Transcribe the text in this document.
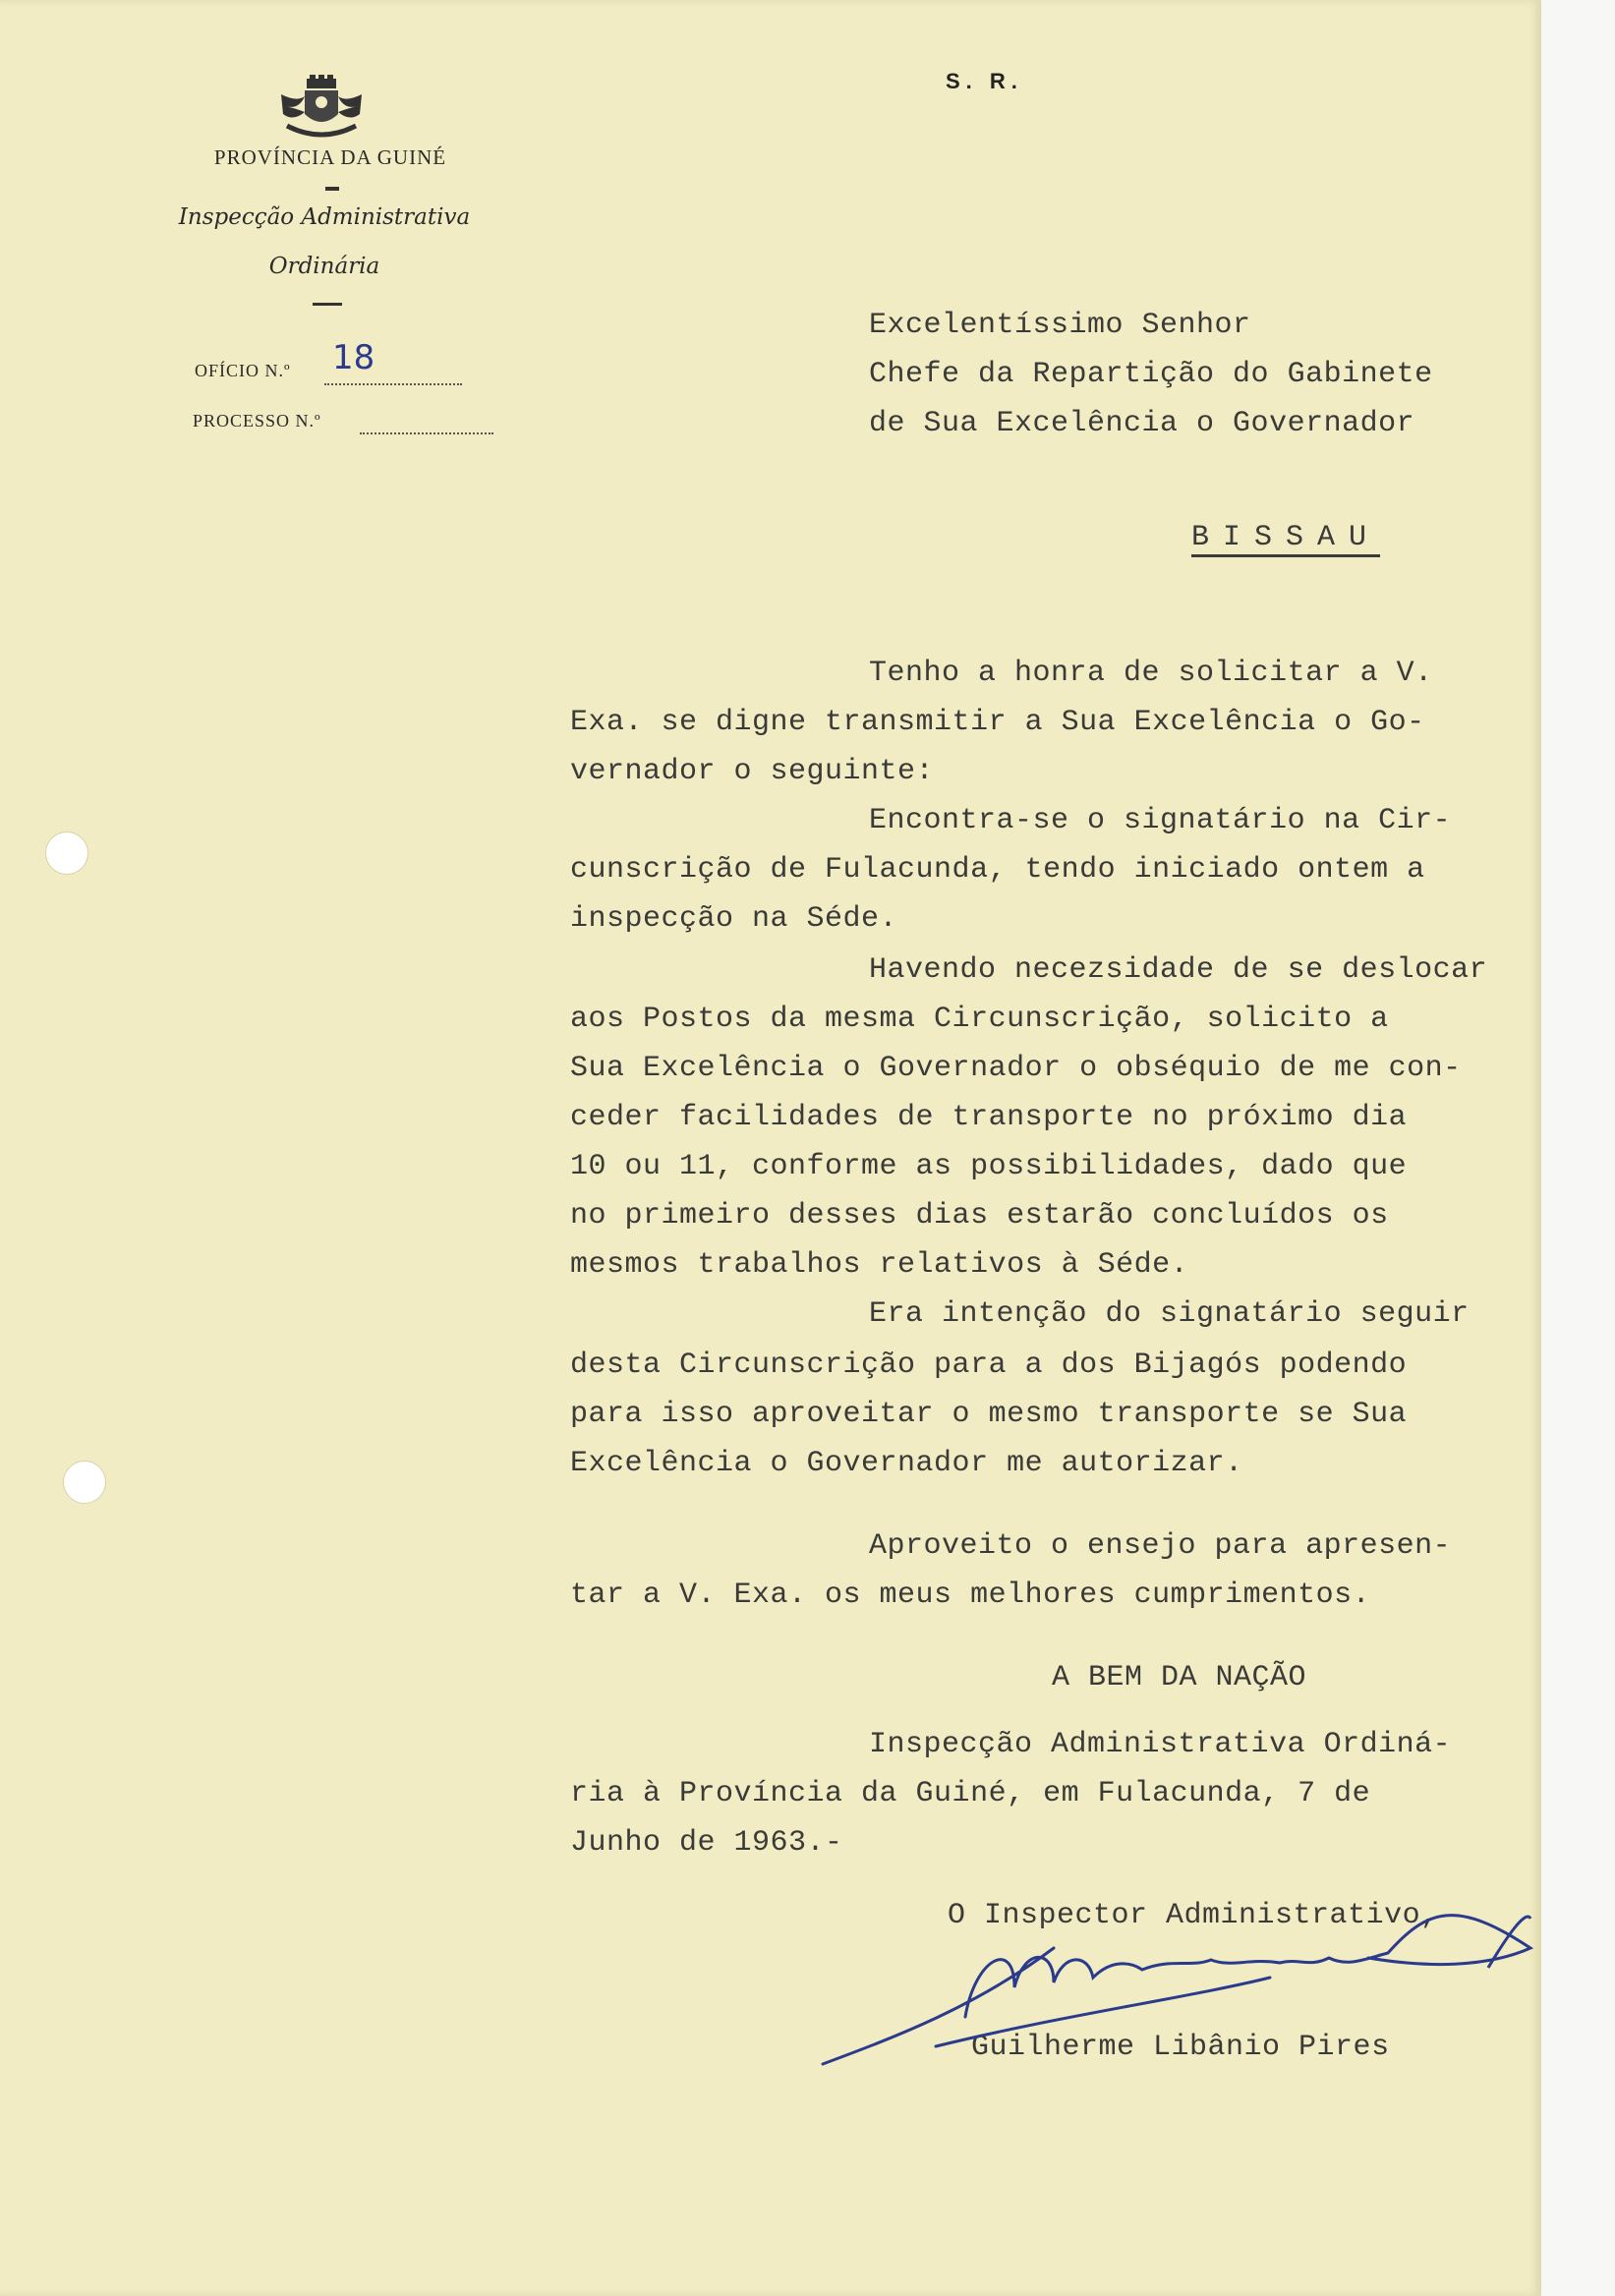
PROVÍNCIA DA GUINÉ
Inspecção Administrativa
Ordinária
OFÍCIO N.º 18
PROCESSO N.º
S. R.
Excelentíssimo Senhor
Chefe da Repartição do Gabinete
de Sua Excelência o Governador
BISSAU
Tenho a honra de solicitar a V.
Exa. se digne transmitir a Sua Excelência o Go-
vernador o seguinte:
Encontra-se o signatário na Cir-
cunscrição de Fulacunda, tendo iniciado ontem a
inspecção na Séde.
Havendo necezsidade de se deslocar
aos Postos da mesma Circunscrição, solicito a
Sua Excelência o Governador o obséquio de me con-
ceder facilidades de transporte no próximo dia
10 ou 11, conforme as possibilidades, dado que
no primeiro desses dias estarão concluídos os
mesmos trabalhos relativos à Séde.
Era intenção do signatário seguir
desta Circunscrição para a dos Bijagós podendo
para isso aproveitar o mesmo transporte se Sua
Excelência o Governador me autorizar.
Aproveito o ensejo para apresen-
tar a V. Exa. os meus melhores cumprimentos.
A BEM DA NAÇÃO
Inspecção Administrativa Ordiná-
ria à Província da Guiné, em Fulacunda, 7 de
Junho de 1963.-
O Inspector Administrativo,
Guilherme Libânio Pires
